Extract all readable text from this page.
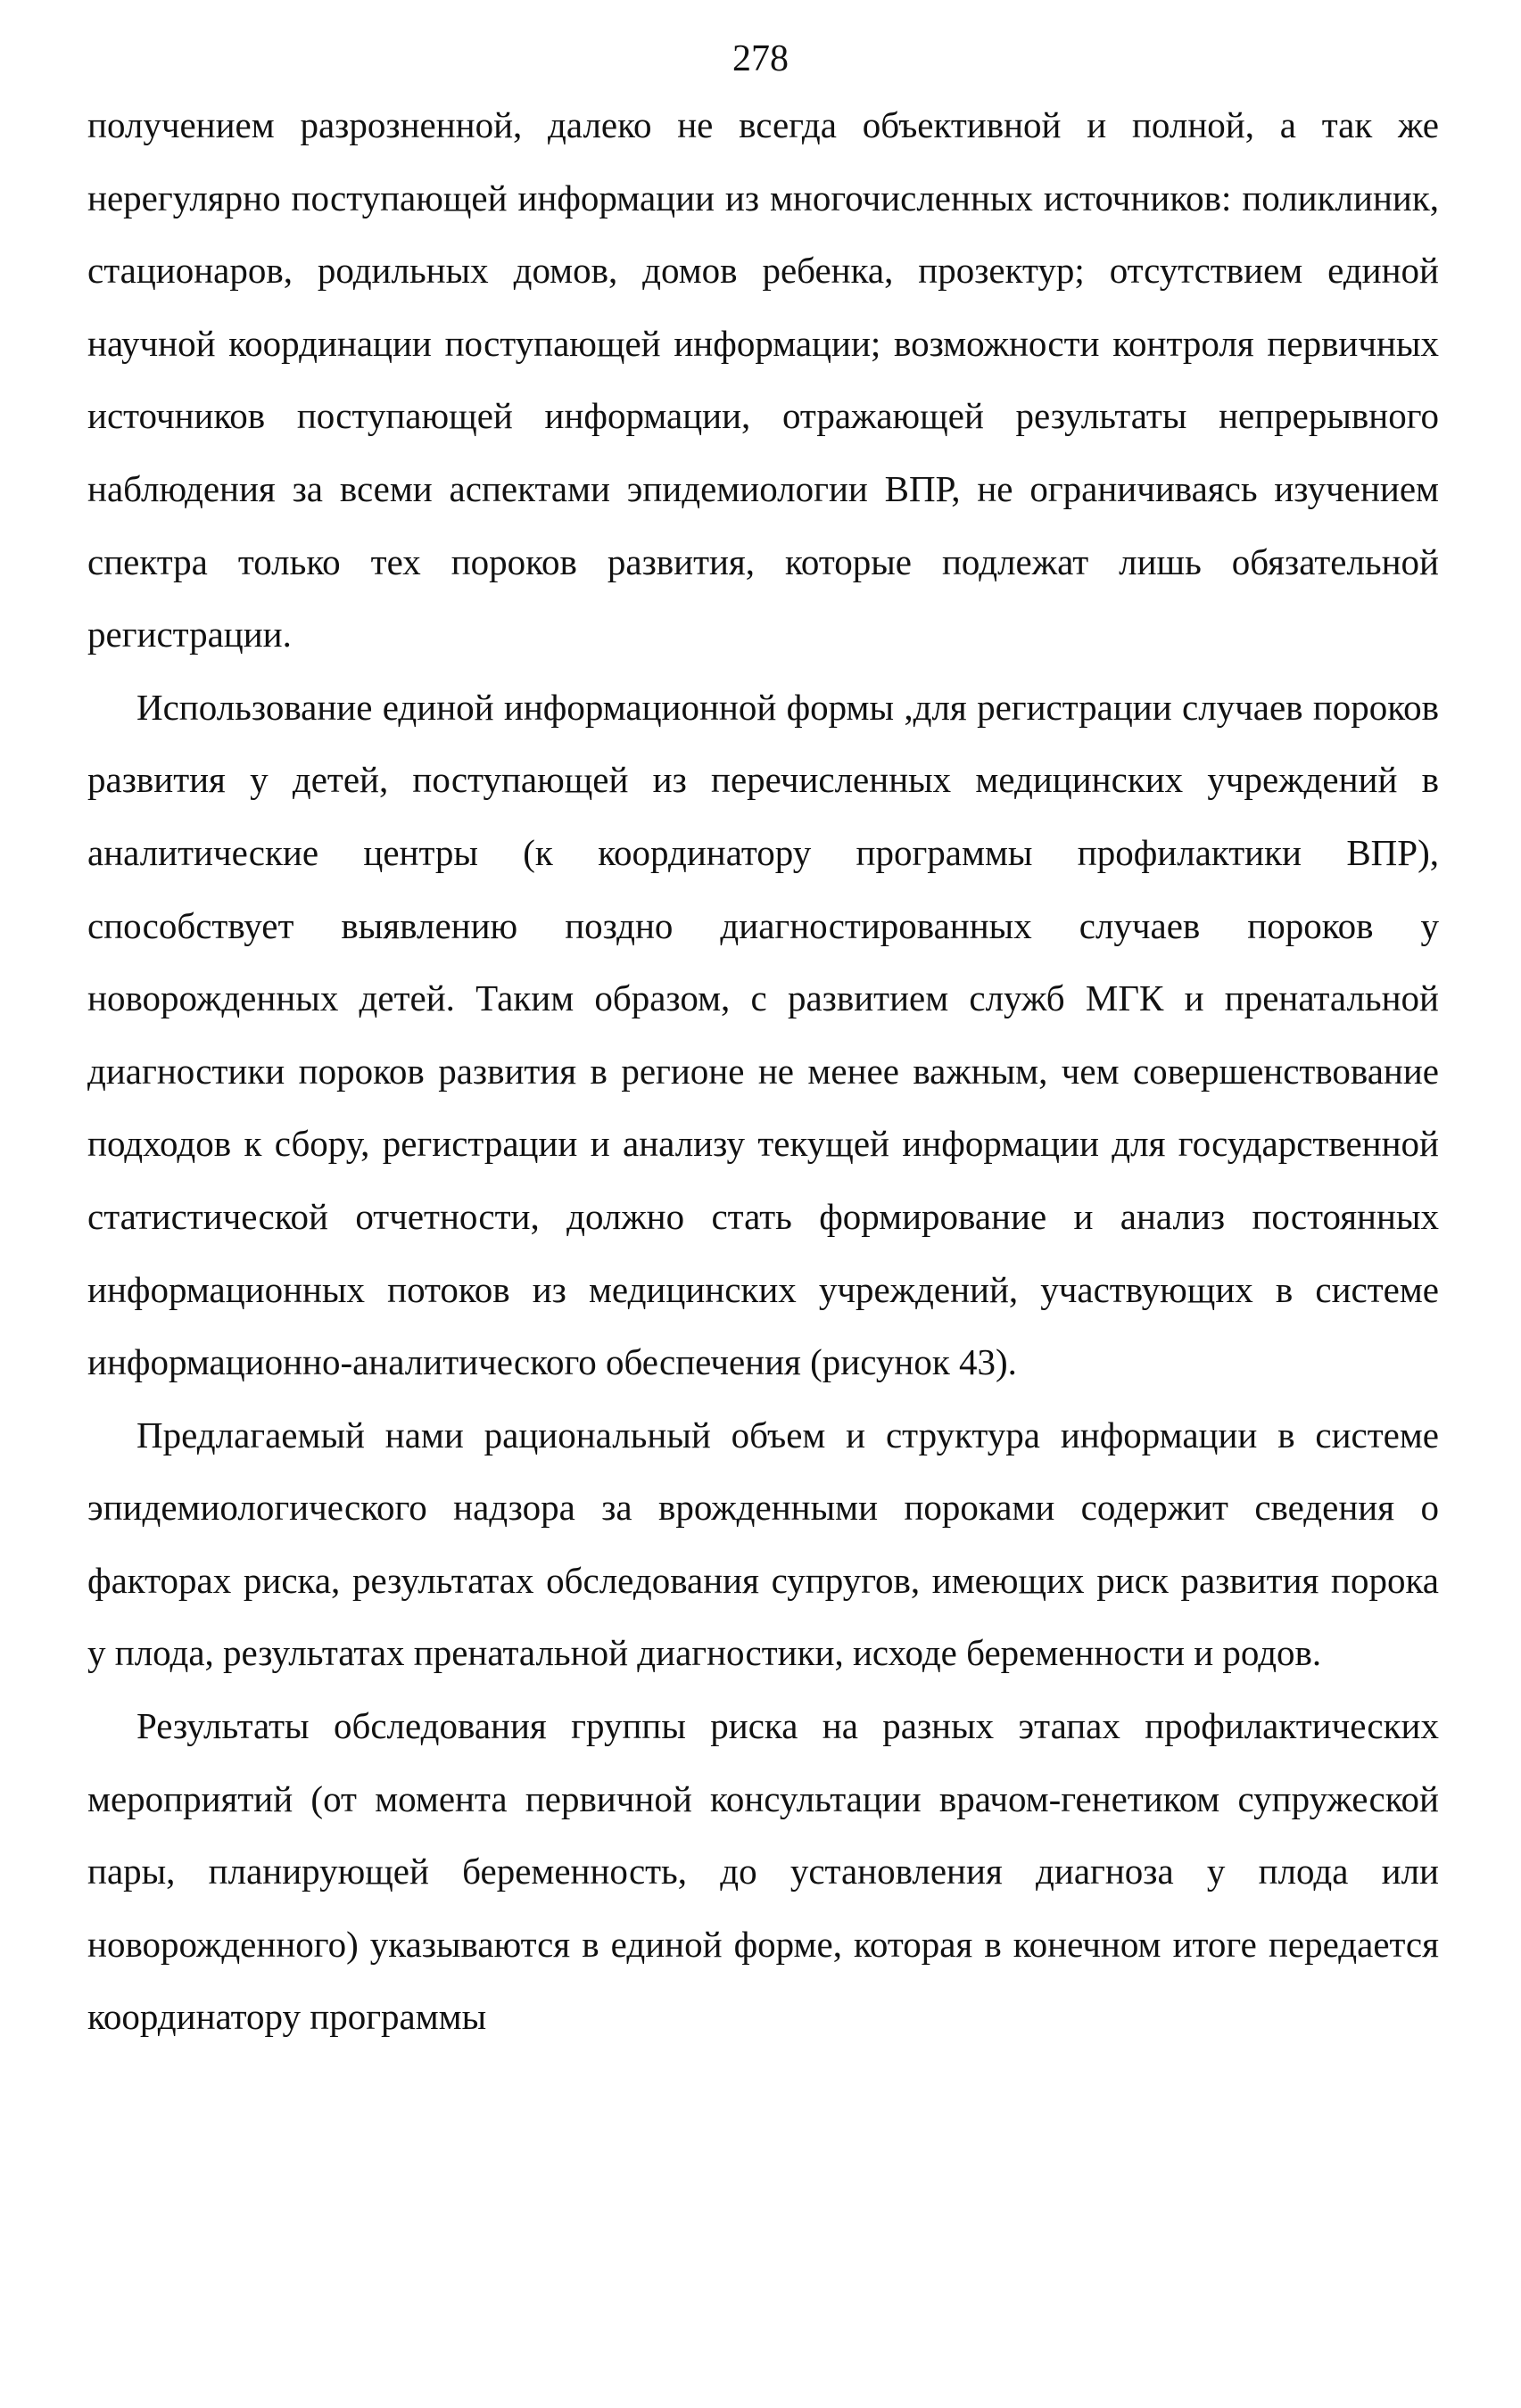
278

получением разрозненной, далеко не всегда объективной и полной, а так же нерегулярно поступающей информации из многочисленных источников: поликлиник, стационаров, родильных домов, домов ребенка, прозектур; отсутствием единой научной координации поступающей информации; возможности контроля первичных источников поступающей информации, отражающей результаты непрерывного наблюдения за всеми аспектами эпидемиологии ВПР, не ограничиваясь изучением спектра только тех пороков развития, которые подлежат лишь обязательной регистрации.

Использование единой информационной формы ,для регистрации случаев пороков развития у детей, поступающей из перечисленных медицинских учреждений в аналитические центры (к координатору программы профилактики ВПР), способствует выявлению поздно диагностированных случаев пороков у новорожденных детей. Таким образом, с развитием служб МГК и пренатальной диагностики пороков развития в регионе не менее важным, чем совершенствование подходов к сбору, регистрации и анализу текущей информации для государственной статистической отчетности, должно стать формирование и анализ постоянных информационных потоков из медицинских учреждений, участвующих в системе информационно-аналитического обеспечения (рисунок 43).

Предлагаемый нами рациональный объем и структура информации в системе эпидемиологического надзора за врожденными пороками содержит сведения о факторах риска, результатах обследования супругов, имеющих риск развития порока у плода, результатах пренатальной диагностики, исходе беременности и родов.

Результаты обследования группы риска на разных этапах профилактических мероприятий (от момента первичной консультации врачом-генетиком супружеской пары, планирующей беременность, до установления диагноза у плода или новорожденного) указываются в единой форме, которая в конечном итоге передается координатору программы
